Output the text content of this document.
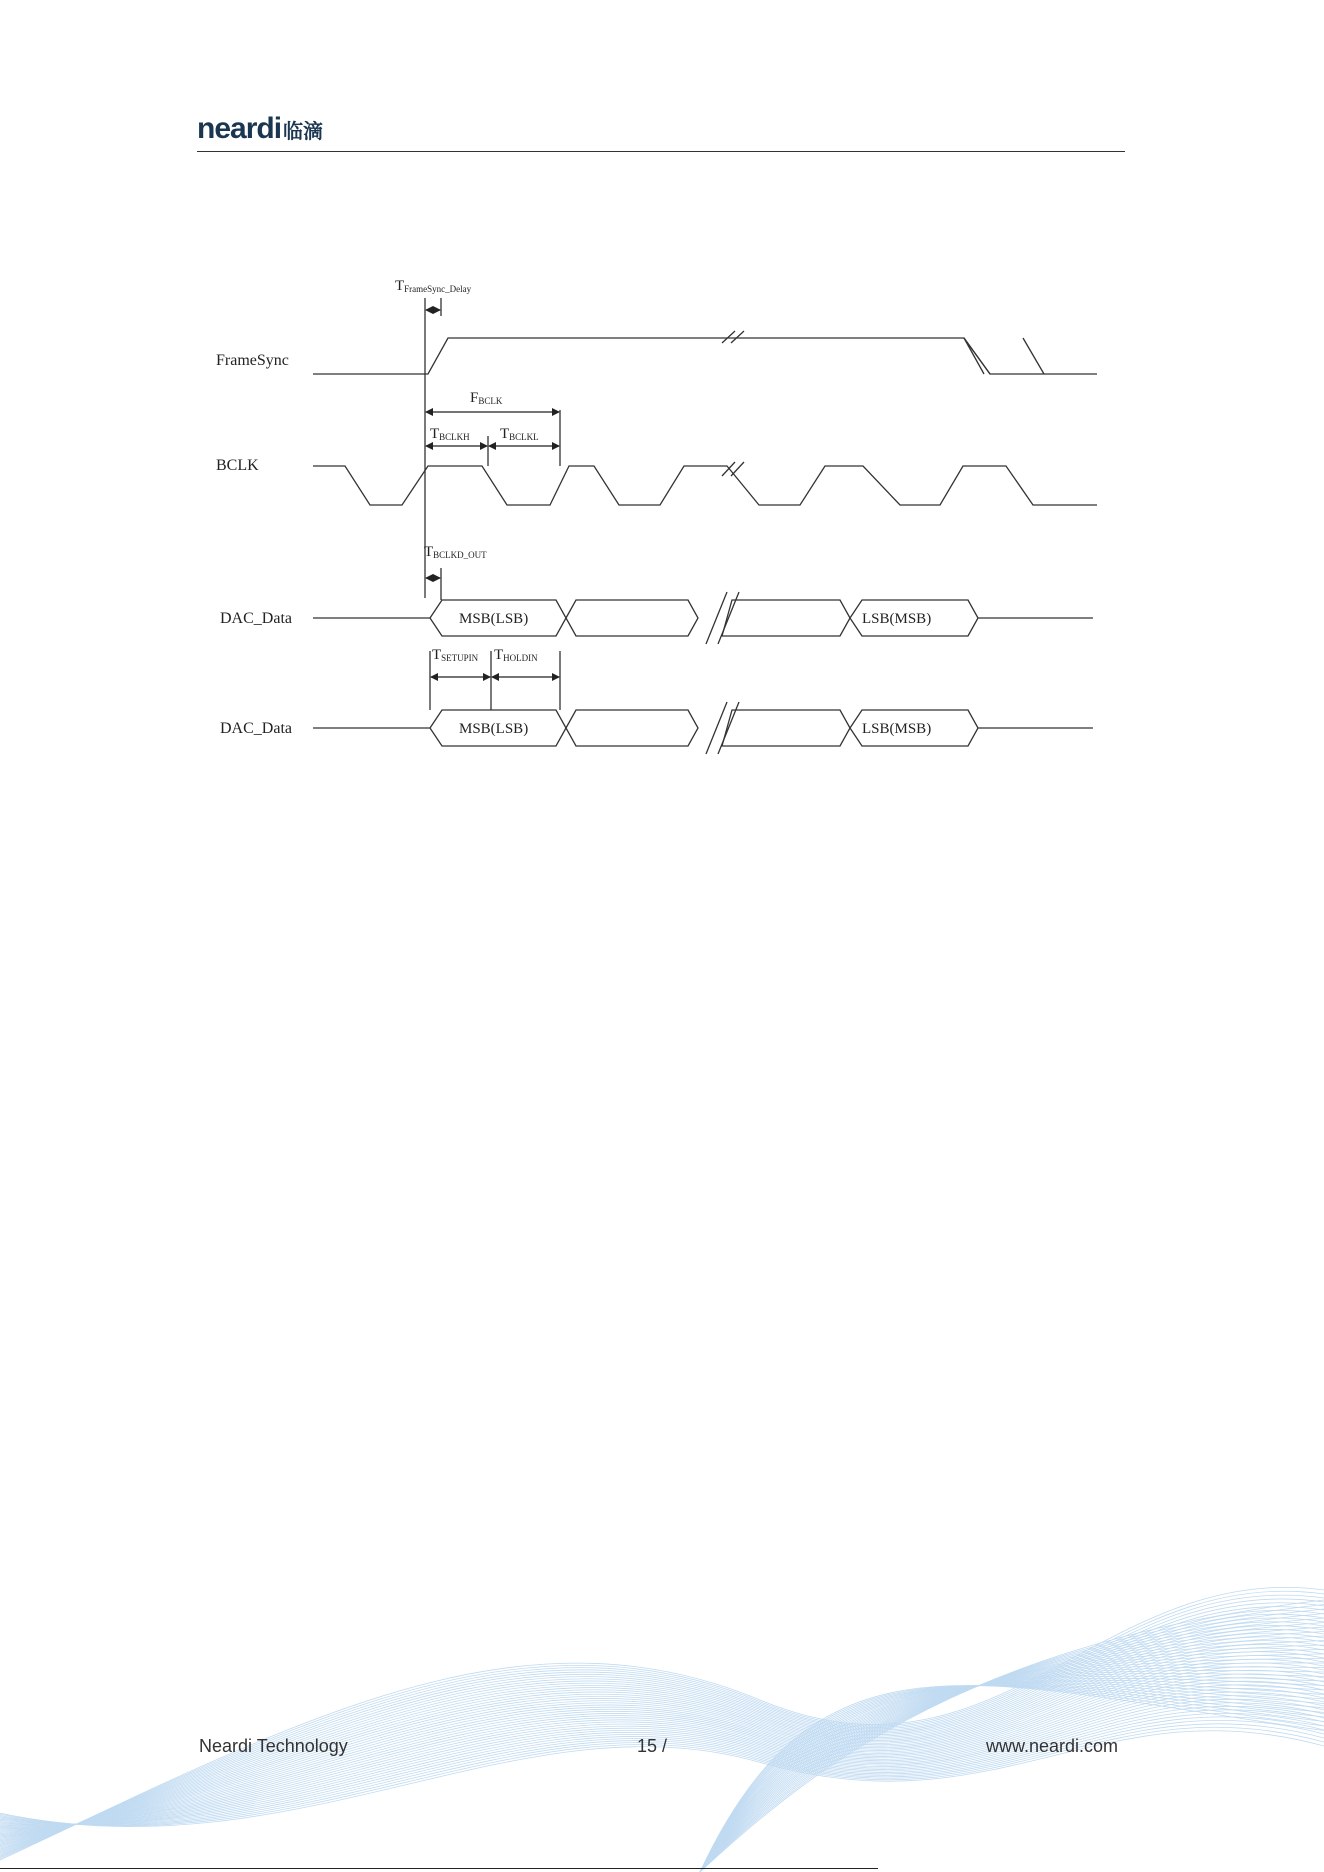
neardi 临滴
FrameSync
BCLK
DAC_Data
DAC_Data
TFrameSync_Delay
FBCLK
TBCLKH TBCLKL
TBCLKD_OUT
TSETUPIN THOLDIN
MSB(LSB)	LSB(MSB)
MSB(LSB)	LSB(MSB)
Neardi Technology	15 /	www.neardi.com
